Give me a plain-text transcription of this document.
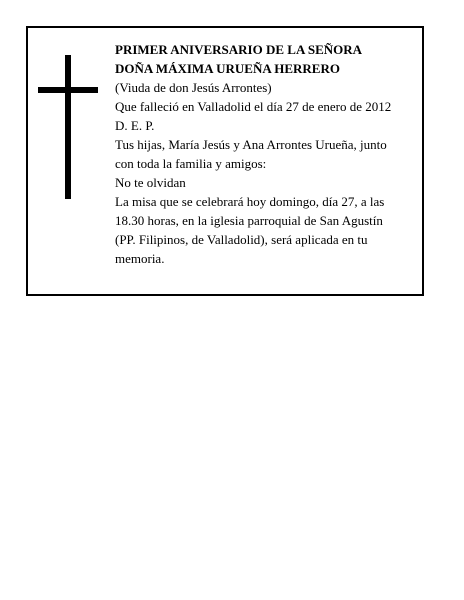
PRIMER ANIVERSARIO DE LA SEÑORA
DOÑA MÁXIMA URUEÑA HERRERO
(Viuda de don Jesús Arrontes)
Que falleció en Valladolid el día 27 de enero de 2012
D. E. P.
Tus hijas, María Jesús y Ana Arrontes Urueña, junto
con toda la familia y amigos:
No te olvidan
La misa que se celebrará hoy domingo, día 27, a las
18.30 horas, en la iglesia parroquial de San Agustín
(PP. Filipinos, de Valladolid), será aplicada en tu
memoria.
